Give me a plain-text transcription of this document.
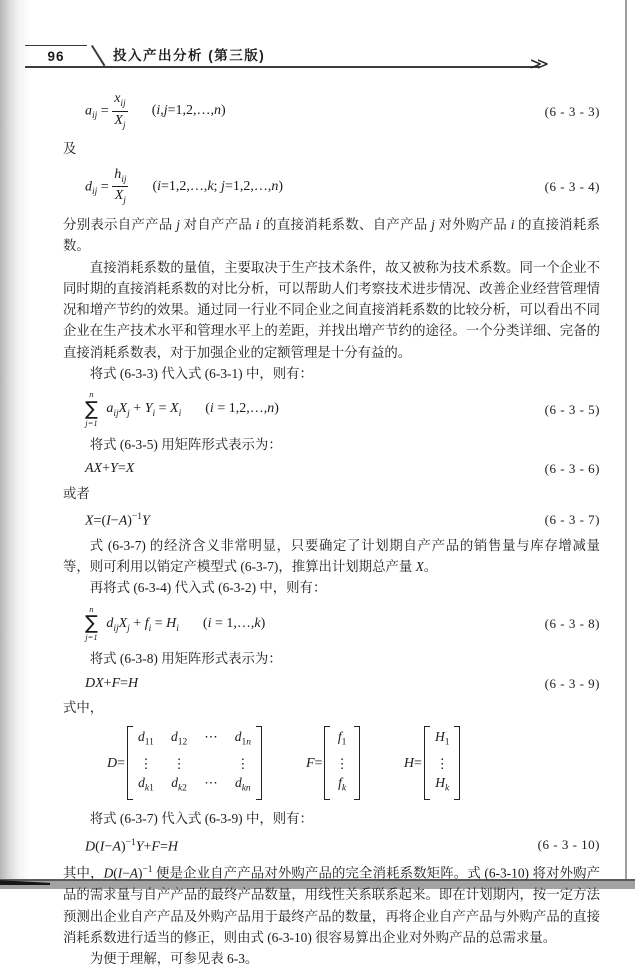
96	投入产出分析 (第三版)	≫
$a_{ij} = \frac{x_{ij}}{X_j}$ (i,j=1,2,…,n)	(6 - 3 - 3)

及

$d_{ij} = \frac{h_{ij}}{X_j}$ (i=1,2,…,k; j=1,2,…,n)	(6 - 3 - 4)

分别表示自产产品 j 对自产产品 i 的直接消耗系数、自产产品 j 对外购产品 i 的直接消耗系数。

直接消耗系数的量值，主要取决于生产技术条件，故又被称为技术系数。同一个企业不同时期的直接消耗系数的对比分析，可以帮助人们考察技术进步情况、改善企业经营管理情况和增产节约的效果。通过同一行业不同企业之间直接消耗系数的比较分析，可以看出不同企业在生产技术水平和管理水平上的差距，并找出增产节约的途径。一个分类详细、完备的直接消耗系数表，对于加强企业的定额管理是十分有益的。

将式 (6-3-3) 代入式 (6-3-1) 中，则有：

n
∑
j=1
$a_{ij}X_j + Y_i = X_i$ (i = 1,2,…,n)	(6 - 3 - 5)

将式 (6-3-5) 用矩阵形式表示为：

AX+Y=X	(6 - 3 - 6)

或者

$X=(I-A)^{-1}Y$	(6 - 3 - 7)

式 (6-3-7) 的经济含义非常明显，只要确定了计划期自产产品的销售量与库存增减量等，则可利用以销定产模型式 (6-3-7)，推算出计划期总产量 X。

再将式 (6-3-4) 代入式 (6-3-2) 中，则有：

n
∑
j=1
$d_{ij}X_j + f_i = H_i$ (i = 1,…,k)	(6 - 3 - 8)

将式 (6-3-8) 用矩阵形式表示为：

DX+F=H	(6 - 3 - 9)

式中，

D=
$d_{11}$ $d_{12}$ ⋯ $d_{1n}$
⋮ ⋮	⋮
$d_{k1}$ $d_{k2}$ ⋯ $d_{kn}$
F=
$f_1$
⋮
$f_k$
H=
$H_1$
⋮
$H_k$

将式 (6-3-7) 代入式 (6-3-9) 中，则有：

$D(I-A)^{-1}Y+F=H$	(6 - 3 - 10)

其中，$D(I-A)^{-1}$ 便是企业自产产品对外购产品的完全消耗系数矩阵。式 (6-3-10) 将对外购产品的需求量与自产产品的最终产品数量，用线性关系联系起来。即在计划期内，按一定方法预测出企业自产产品及外购产品用于最终产品的数量，再将企业自产产品与外购产品的直接消耗系数进行适当的修正，则由式 (6-3-10) 很容易算出企业对外购产品的总需求量。

为便于理解，可参见表 6-3。
